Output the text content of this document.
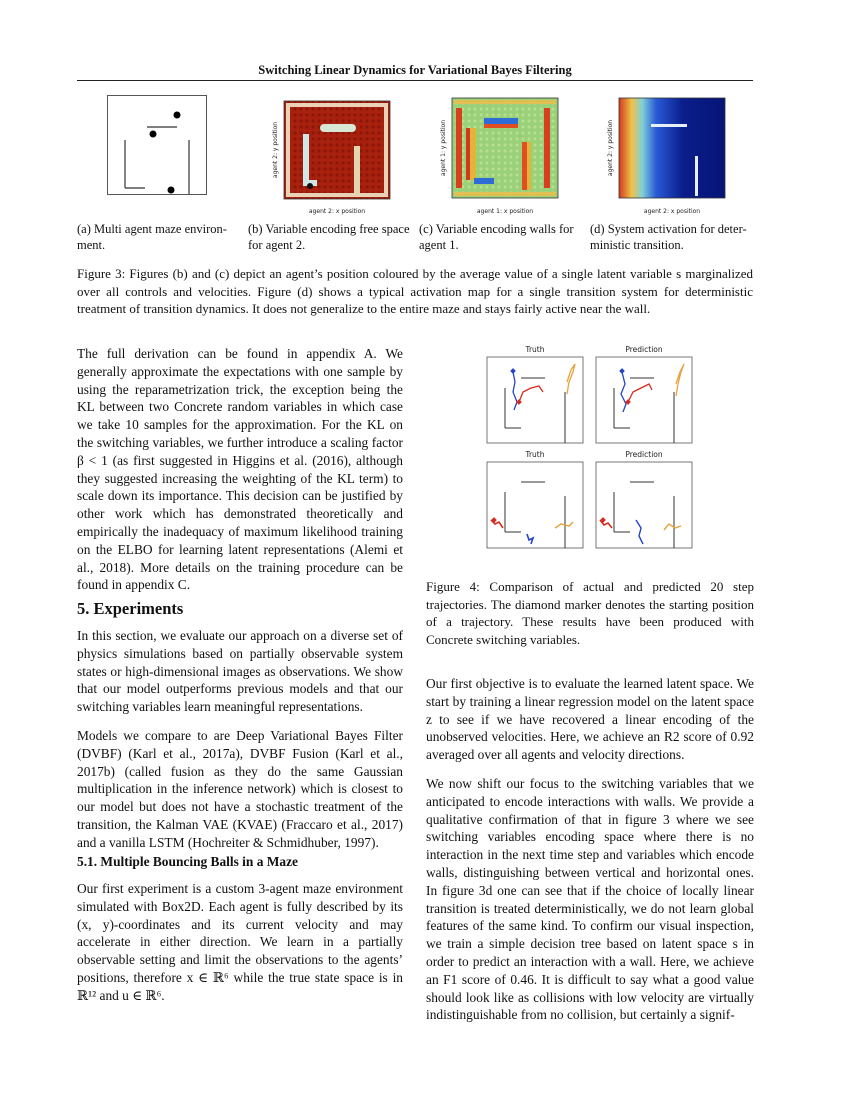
Switching Linear Dynamics for Variational Bayes Filtering
agent 2: x position
agent 2: y position
agent 1: x position
agent 1: y position
agent 2: x position
agent 2: y position
(a) Multi agent maze environ-ment.
(b) Variable encoding free space for agent 2.
(c) Variable encoding walls for agent 1.
(d) System activation for deter-ministic transition.
Figure 3: Figures (b) and (c) depict an agent’s position coloured by the average value of a single latent variable s marginalized over all controls and velocities. Figure (d) shows a typical activation map for a single transition system for deterministic treatment of transition dynamics. It does not generalize to the entire maze and stays fairly active near the wall.
Truth	Prediction
Truth	Prediction
Figure 4: Comparison of actual and predicted 20 step trajectories. The diamond marker denotes the starting position of a trajectory. These results have been produced with Concrete switching variables.

The full derivation can be found in appendix A. We generally approximate the expectations with one sample by using the reparametrization trick, the exception being the KL between two Concrete random variables in which case we take 10 samples for the approximation. For the KL on the switching variables, we further introduce a scaling factor β < 1 (as first suggested in Higgins et al. (2016), although they suggested increasing the weighting of the KL term) to scale down its importance. This decision can be justified by other work which has demonstrated theoretically and empirically the inadequacy of maximum likelihood training on the ELBO for learning latent representations (Alemi et al., 2018). More details on the training procedure can be found in appendix C.

5. Experiments

In this section, we evaluate our approach on a diverse set of physics simulations based on partially observable system states or high-dimensional images as observations. We show that our model outperforms previous models and that our switching variables learn meaningful representations.

Models we compare to are Deep Variational Bayes Filter (DVBF) (Karl et al., 2017a), DVBF Fusion (Karl et al., 2017b) (called fusion as they do the same Gaussian multiplication in the inference network) which is closest to our model but does not have a stochastic treatment of the transition, the Kalman VAE (KVAE) (Fraccaro et al., 2017) and a vanilla LSTM (Hochreiter & Schmidhuber, 1997).

5.1. Multiple Bouncing Balls in a Maze

Our first experiment is a custom 3-agent maze environment simulated with Box2D. Each agent is fully described by its (x, y)-coordinates and its current velocity and may accelerate in either direction. We learn in a partially observable setting and limit the observations to the agents’ positions, therefore x ∈ ℝ⁶ while the true state space is in ℝ¹² and u ∈ ℝ⁶.

Our first objective is to evaluate the learned latent space. We start by training a linear regression model on the latent space z to see if we have recovered a linear encoding of the unobserved velocities. Here, we achieve an R2 score of 0.92 averaged over all agents and velocity directions.

We now shift our focus to the switching variables that we anticipated to encode interactions with walls. We provide a qualitative confirmation of that in figure 3 where we see switching variables encoding space where there is no interaction in the next time step and variables which encode walls, distinguishing between vertical and horizontal ones. In figure 3d one can see that if the choice of locally linear transition is treated deterministically, we do not learn global features of the same kind. To confirm our visual inspection, we train a simple decision tree based on latent space s in order to predict an interaction with a wall. Here, we achieve an F1 score of 0.46. It is difficult to say what a good value should look like as collisions with low velocity are virtually indistinguishable from no collision, but certainly a signif-
